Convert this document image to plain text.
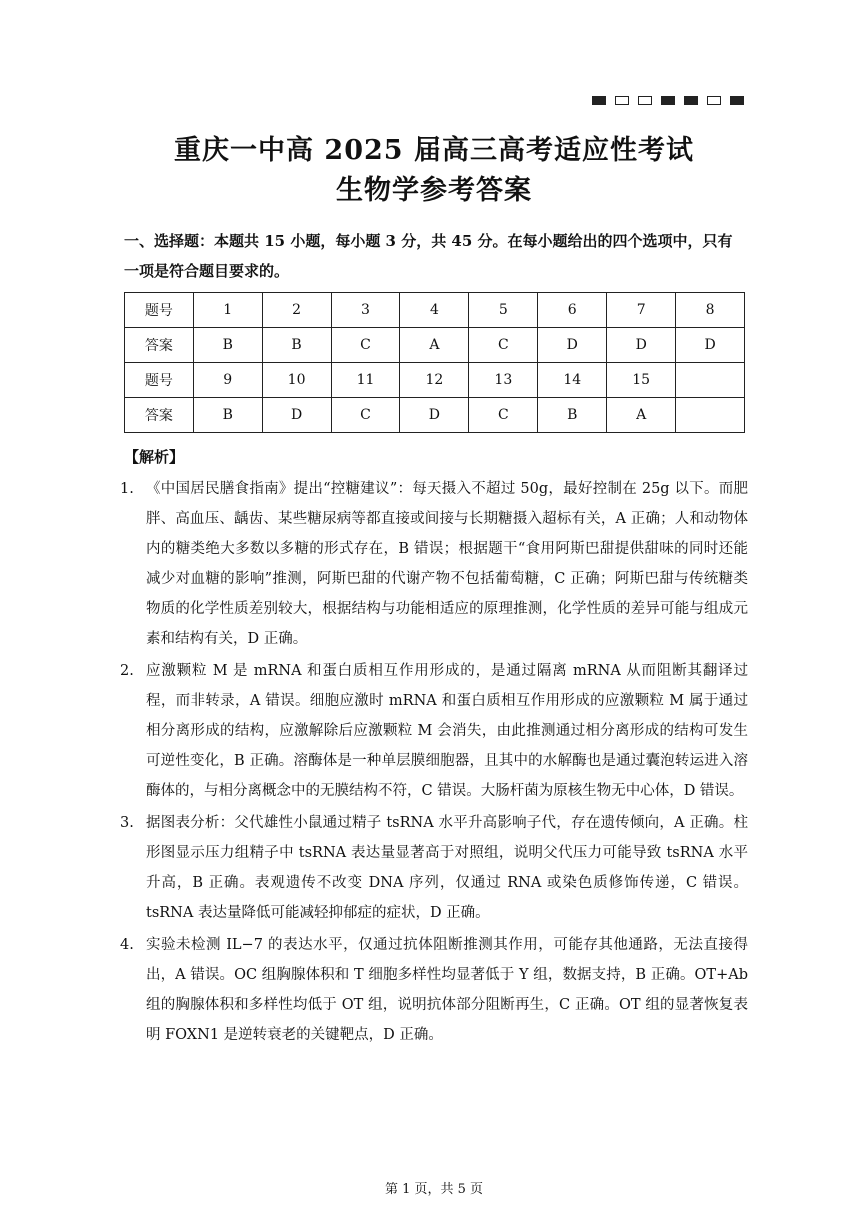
重庆一中高 2025 届高三高考适应性考试
生物学参考答案
一、选择题：本题共 15 小题，每小题 3 分，共 45 分。在每小题给出的四个选项中，只有一项是符合题目要求的。
题号	1	2	3	4	5	6	7	8
答案	B	B	C	A	C	D	D	D
题号	9	10	11	12	13	14	15	
答案	B	D	C	D	C	B	A	
【解析】
1. 《中国居民膳食指南》提出“控糖建议”：每天摄入不超过 50g，最好控制在 25g 以下。而肥胖、高血压、龋齿、某些糖尿病等都直接或间接与长期糖摄入超标有关，A 正确；人和动物体内的糖类绝大多数以多糖的形式存在，B 错误；根据题干“食用阿斯巴甜提供甜味的同时还能减少对血糖的影响”推测，阿斯巴甜的代谢产物不包括葡萄糖，C 正确；阿斯巴甜与传统糖类物质的化学性质差别较大，根据结构与功能相适应的原理推测，化学性质的差异可能与组成元素和结构有关，D 正确。
2. 应激颗粒 M 是 mRNA 和蛋白质相互作用形成的，是通过隔离 mRNA 从而阻断其翻译过程，而非转录，A 错误。细胞应激时 mRNA 和蛋白质相互作用形成的应激颗粒 M 属于通过相分离形成的结构，应激解除后应激颗粒 M 会消失，由此推测通过相分离形成的结构可发生可逆性变化，B 正确。溶酶体是一种单层膜细胞器，且其中的水解酶也是通过囊泡转运进入溶酶体的，与相分离概念中的无膜结构不符，C 错误。大肠杆菌为原核生物无中心体，D 错误。
3. 据图表分析：父代雄性小鼠通过精子 tsRNA 水平升高影响子代，存在遗传倾向，A 正确。柱形图显示压力组精子中 tsRNA 表达量显著高于对照组，说明父代压力可能导致 tsRNA 水平升高，B 正确。表观遗传不改变 DNA 序列，仅通过 RNA 或染色质修饰传递，C 错误。tsRNA 表达量降低可能减轻抑郁症的症状，D 正确。
4. 实验未检测 IL−7 的表达水平，仅通过抗体阻断推测其作用，可能存其他通路，无法直接得出，A 错误。OC 组胸腺体积和 T 细胞多样性均显著低于 Y 组，数据支持，B 正确。OT+Ab 组的胸腺体积和多样性均低于 OT 组，说明抗体部分阻断再生，C 正确。OT 组的显著恢复表明 FOXN1 是逆转衰老的关键靶点，D 正确。
第 1 页，共 5 页
